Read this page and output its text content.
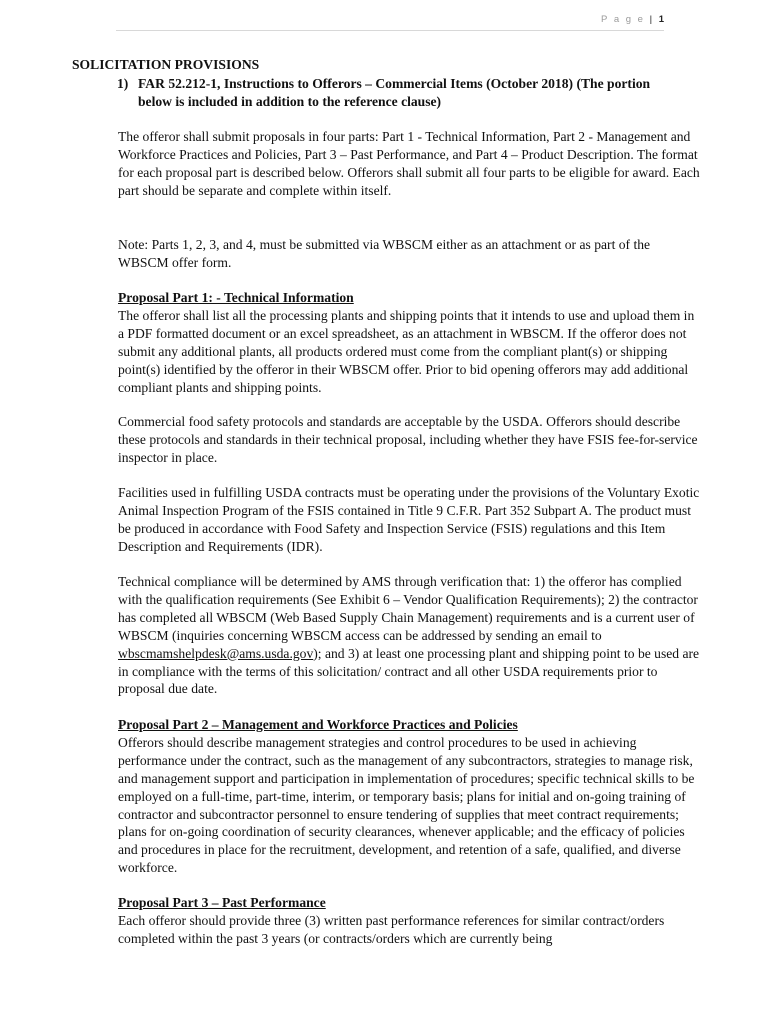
P a g e | 1
SOLICITATION PROVISIONS
1) FAR 52.212-1, Instructions to Offerors – Commercial Items (October 2018) (The portion below is included in addition to the reference clause)
The offeror shall submit proposals in four parts: Part 1 - Technical Information, Part 2 - Management and Workforce Practices and Policies, Part 3 – Past Performance, and Part 4 – Product Description. The format for each proposal part is described below. Offerors shall submit all four parts to be eligible for award. Each part should be separate and complete within itself.
Note: Parts 1, 2, 3, and 4, must be submitted via WBSCM either as an attachment or as part of the WBSCM offer form.
Proposal Part 1: - Technical Information
The offeror shall list all the processing plants and shipping points that it intends to use and upload them in a PDF formatted document or an excel spreadsheet, as an attachment in WBSCM. If the offeror does not submit any additional plants, all products ordered must come from the compliant plant(s) or shipping point(s) identified by the offeror in their WBSCM offer. Prior to bid opening offerors may add additional compliant plants and shipping points.
Commercial food safety protocols and standards are acceptable by the USDA. Offerors should describe these protocols and standards in their technical proposal, including whether they have FSIS fee-for-service inspector in place.
Facilities used in fulfilling USDA contracts must be operating under the provisions of the Voluntary Exotic Animal Inspection Program of the FSIS contained in Title 9 C.F.R. Part 352 Subpart A. The product must be produced in accordance with Food Safety and Inspection Service (FSIS) regulations and this Item Description and Requirements (IDR).
Technical compliance will be determined by AMS through verification that: 1) the offeror has complied with the qualification requirements (See Exhibit 6 – Vendor Qualification Requirements); 2) the contractor has completed all WBSCM (Web Based Supply Chain Management) requirements and is a current user of WBSCM (inquiries concerning WBSCM access can be addressed by sending an email to wbscmamshelpdesk@ams.usda.gov); and 3) at least one processing plant and shipping point to be used are in compliance with the terms of this solicitation/ contract and all other USDA requirements prior to proposal due date.
Proposal Part 2 – Management and Workforce Practices and Policies
Offerors should describe management strategies and control procedures to be used in achieving performance under the contract, such as the management of any subcontractors, strategies to manage risk, and management support and participation in implementation of procedures; specific technical skills to be employed on a full-time, part-time, interim, or temporary basis; plans for initial and on-going training of contractor and subcontractor personnel to ensure tendering of supplies that meet contract requirements; plans for on-going coordination of security clearances, whenever applicable; and the efficacy of policies and procedures in place for the recruitment, development, and retention of a safe, qualified, and diverse workforce.
Proposal Part 3 – Past Performance
Each offeror should provide three (3) written past performance references for similar contract/orders completed within the past 3 years (or contracts/orders which are currently being
